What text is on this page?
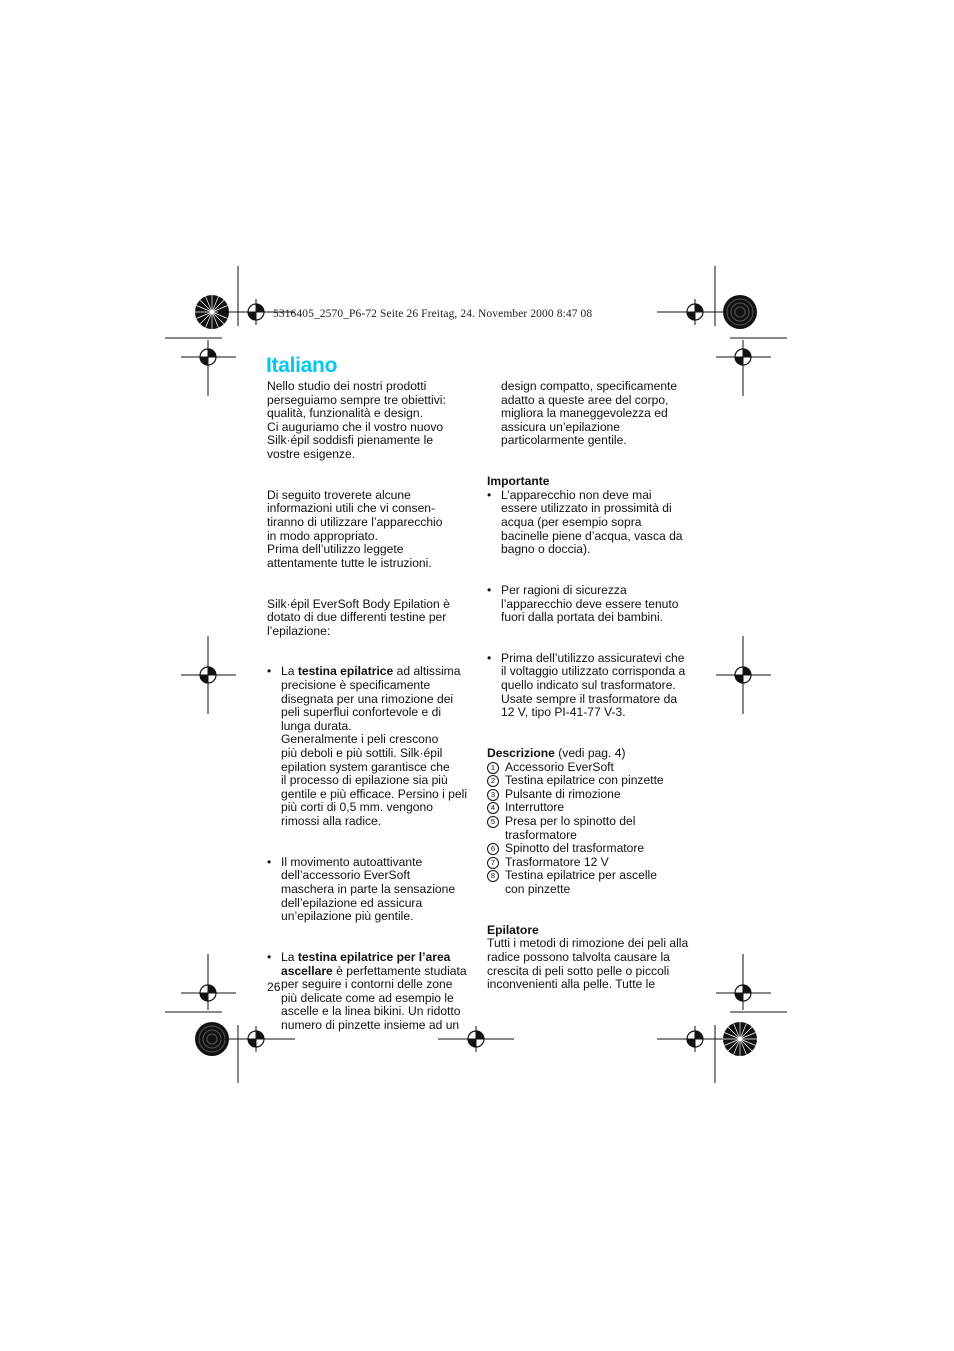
5316405_2570_P6-72 Seite 26 Freitag, 24. November 2000 8:47 08
Italiano

Nello studio dei nostri prodotti

perseguiamo sempre tre obiettivi:

qualità, funzionalità e design.

Ci auguriamo che il vostro nuovo

Silk·épil soddisfi pienamente le

vostre esigenze.

Di seguito troverete alcune

informazioni utili che vi consen-

tiranno di utilizzare l’apparecchio

in modo appropriato.

Prima dell’utilizzo leggete

attentamente tutte le istruzioni.

Silk·épil EverSoft Body Epilation è

dotato di due differenti testine per

l’epilazione:

• La testina epilatrice ad altissima

precisione è specificamente

disegnata per una rimozione dei

peli superflui confortevole e di

lunga durata.

Generalmente i peli crescono

più deboli e più sottili. Silk·épil

epilation system garantisce che

il processo di epilazione sia più

gentile e più efficace. Persino i peli

più corti di 0,5 mm. vengono

rimossi alla radice.

• Il movimento autoattivante

dell’accessorio EverSoft

maschera in parte la sensazione

dell’epilazione ed assicura

un’epilazione più gentile.

• La testina epilatrice per l’area

ascellare è perfettamente studiata

per seguire i contorni delle zone

più delicate come ad esempio le

ascelle e la linea bikini. Un ridotto

numero di pinzette insieme ad un

design compatto, specificamente

adatto a queste aree del corpo,

migliora la maneggevolezza ed

assicura un’epilazione

particolarmente gentile.

Importante

• L’apparecchio non deve mai

essere utilizzato in prossimità di

acqua (per esempio sopra

bacinelle piene d’acqua, vasca da

bagno o doccia).

• Per ragioni di sicurezza

l’apparecchio deve essere tenuto

fuori dalla portata dei bambini.

• Prima dell’utilizzo assicuratevi che

il voltaggio utilizzato corrisponda a

quello indicato sul trasformatore.

Usate sempre il trasformatore da

12 V, tipo PI-41-77 V-3.

Descrizione (vedi pag. 4)

1 Accessorio EverSoft

2 Testina epilatrice con pinzette

3 Pulsante di rimozione

4 Interruttore

5 Presa per lo spinotto del

trasformatore

6 Spinotto del trasformatore

7 Trasformatore 12 V

8 Testina epilatrice per ascelle

con pinzette

Epilatore

Tutti i metodi di rimozione dei peli alla

radice possono talvolta causare la

crescita di peli sotto pelle o piccoli

inconvenienti alla pelle. Tutte le

26
